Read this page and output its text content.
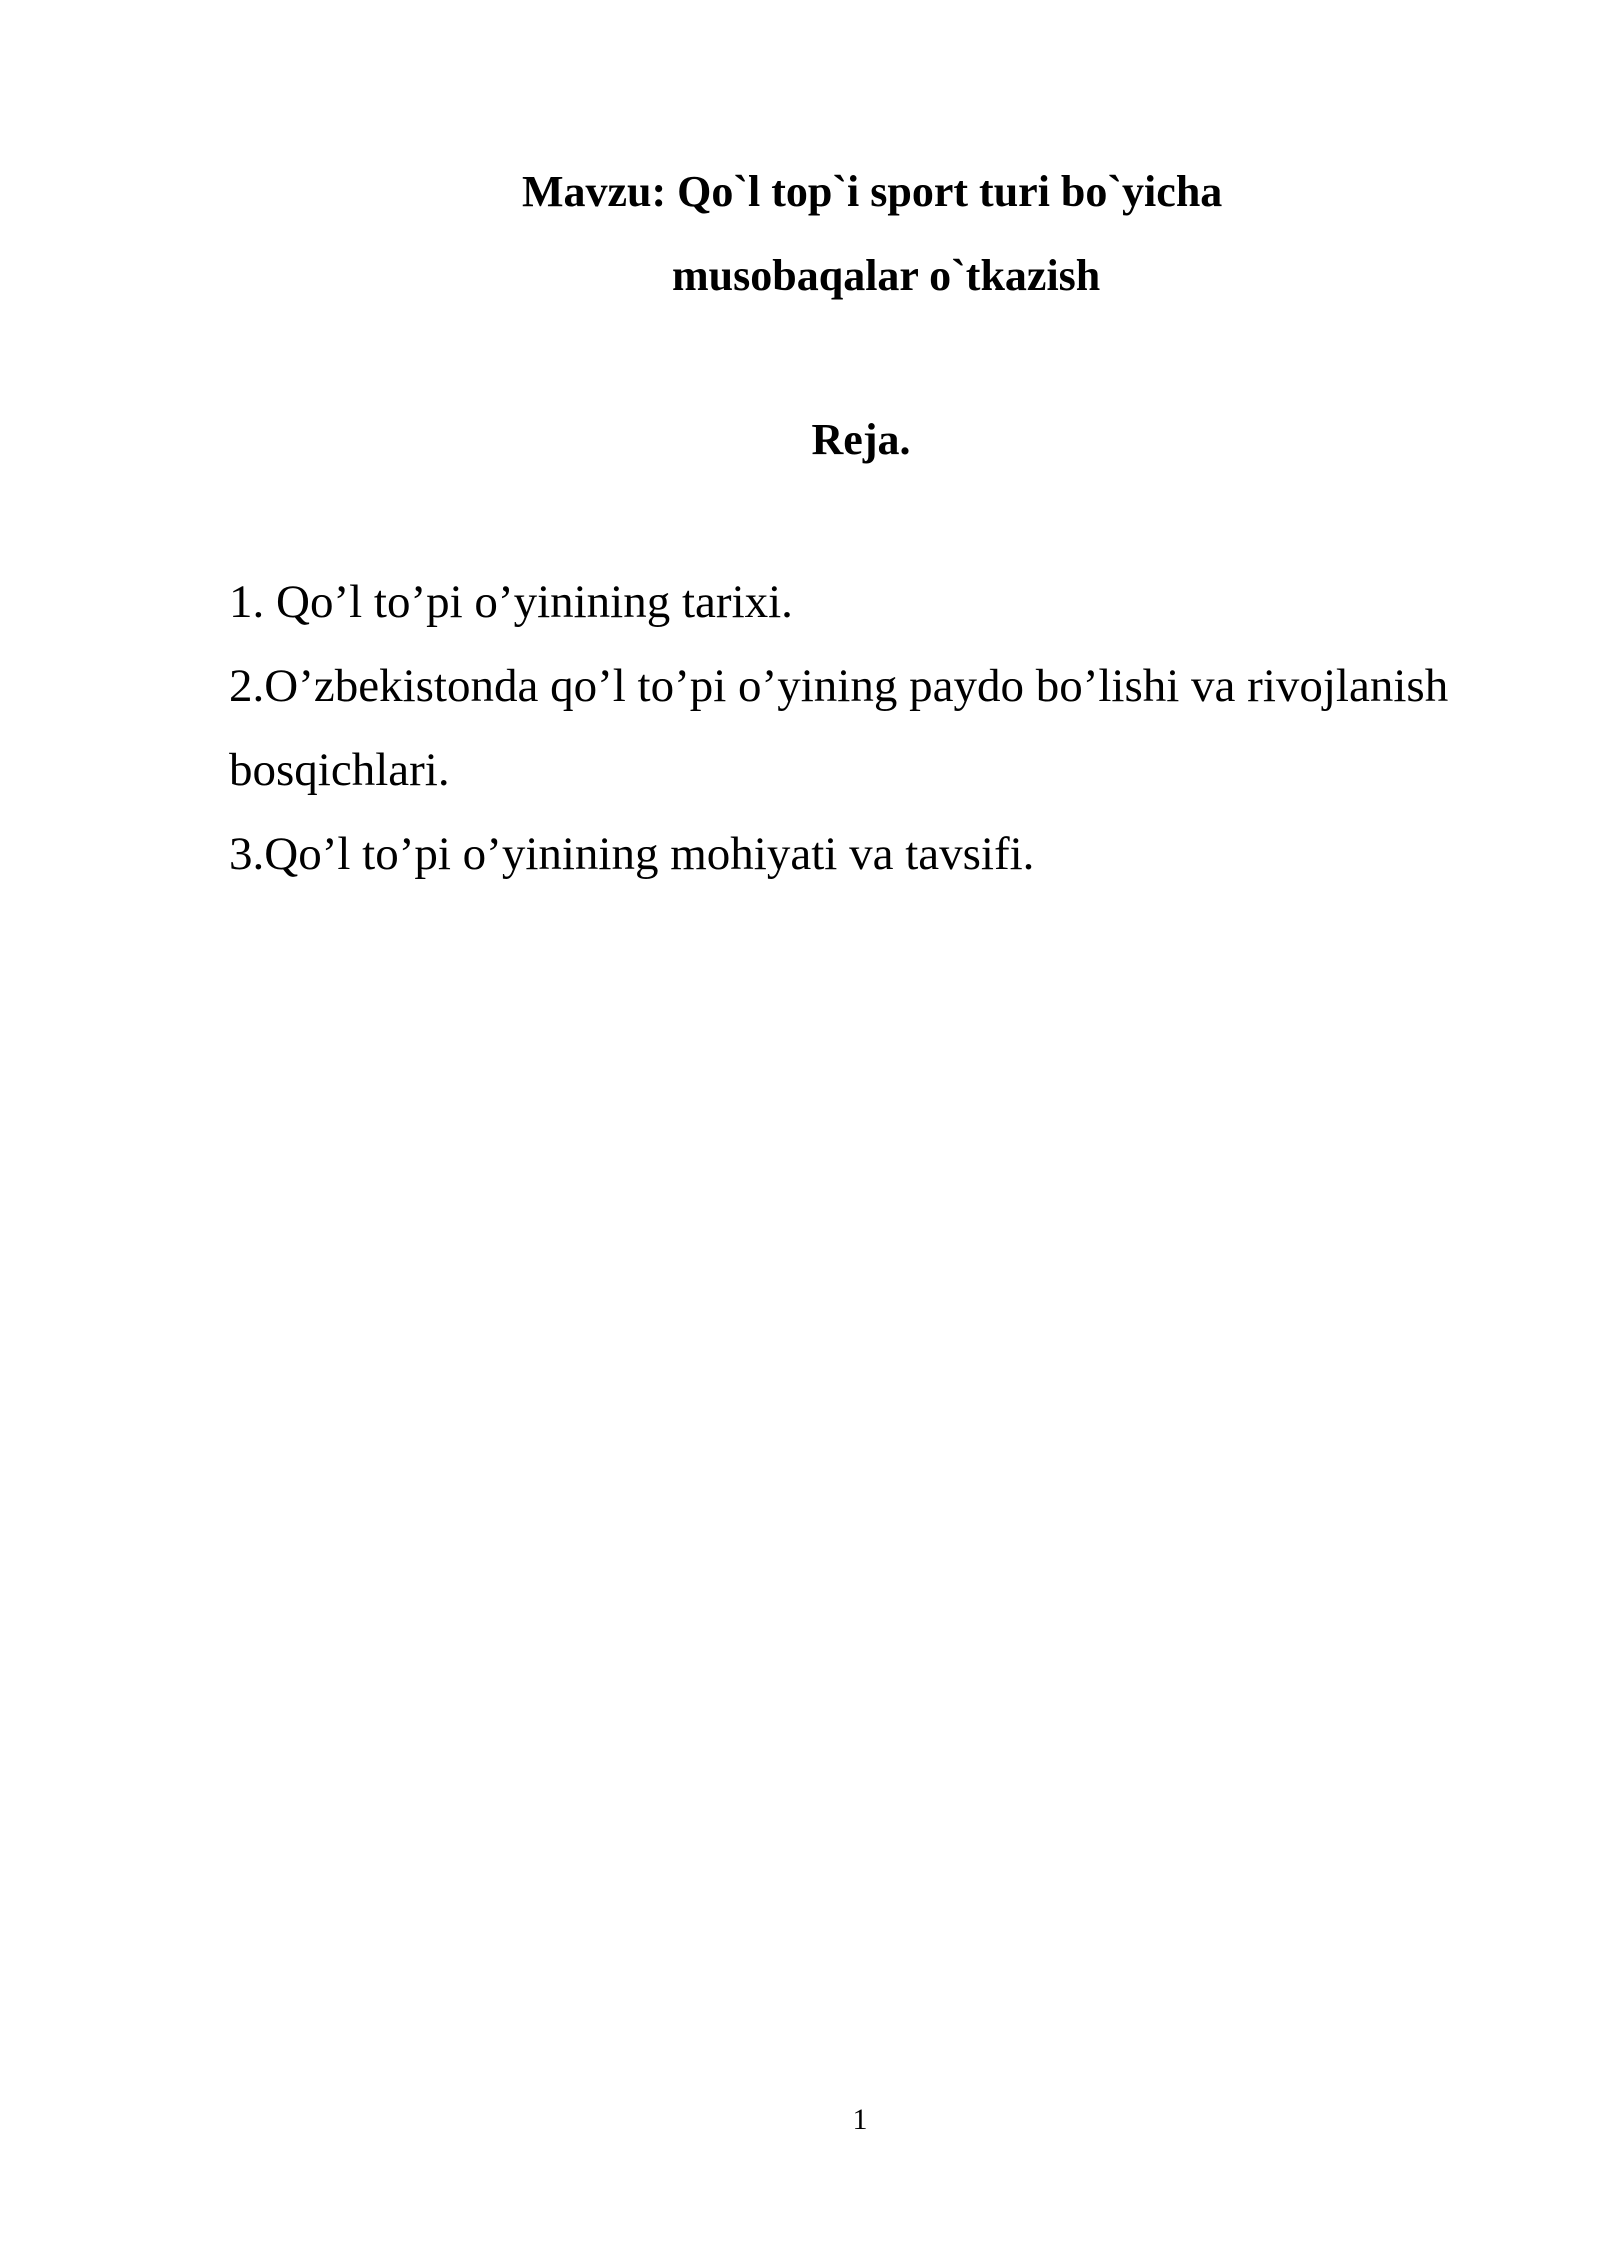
Mavzu: Qo`l top`i sport turi bo`yicha
musobaqalar o`tkazish
Reja.

1. Qo’l to’pi o’yinining tarixi.

2.O’zbekistonda qo’l to’pi o’yining paydo bo’lishi va rivojlanish bosqichlari.

3.Qo’l to’pi o’yinining mohiyati va tavsifi.

1
